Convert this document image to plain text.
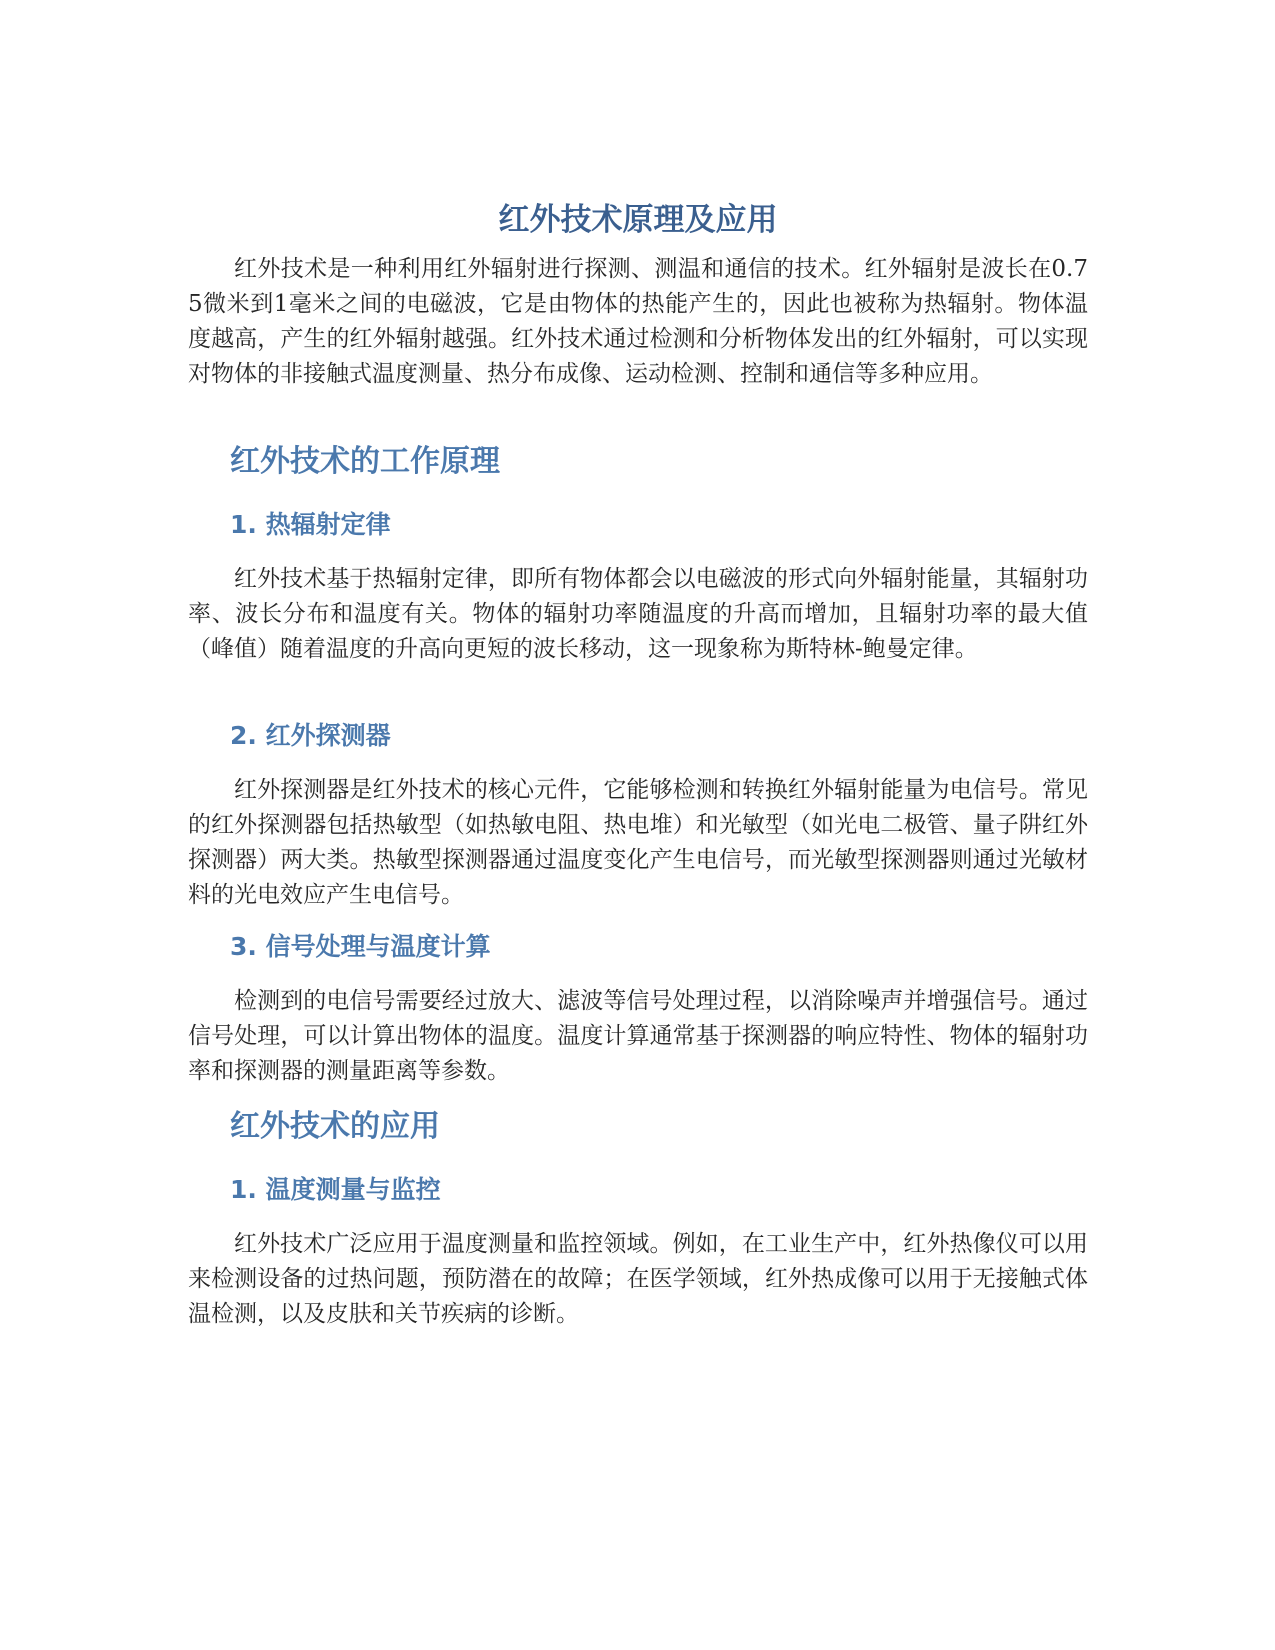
红外技术原理及应用

红外技术是一种利用红外辐射进行探测、测温和通信的技术。红外辐射是波长在0.75微米到1毫米之间的电磁波，它是由物体的热能产生的，因此也被称为热辐射。物体温度越高，产生的红外辐射越强。红外技术通过检测和分析物体发出的红外辐射，可以实现对物体的非接触式温度测量、热分布成像、运动检测、控制和通信等多种应用。

红外技术的工作原理
1. 热辐射定律

红外技术基于热辐射定律，即所有物体都会以电磁波的形式向外辐射能量，其辐射功率、波长分布和温度有关。物体的辐射功率随温度的升高而增加，且辐射功率的最大值（峰值）随着温度的升高向更短的波长移动，这一现象称为斯特林-鲍曼定律。

2. 红外探测器

红外探测器是红外技术的核心元件，它能够检测和转换红外辐射能量为电信号。常见的红外探测器包括热敏型（如热敏电阻、热电堆）和光敏型（如光电二极管、量子阱红外探测器）两大类。热敏型探测器通过温度变化产生电信号，而光敏型探测器则通过光敏材料的光电效应产生电信号。

3. 信号处理与温度计算

检测到的电信号需要经过放大、滤波等信号处理过程，以消除噪声并增强信号。通过信号处理，可以计算出物体的温度。温度计算通常基于探测器的响应特性、物体的辐射功率和探测器的测量距离等参数。

红外技术的应用
1. 温度测量与监控

红外技术广泛应用于温度测量和监控领域。例如，在工业生产中，红外热像仪可以用来检测设备的过热问题，预防潜在的故障；在医学领域，红外热成像可以用于无接触式体温检测，以及皮肤和关节疾病的诊断。
